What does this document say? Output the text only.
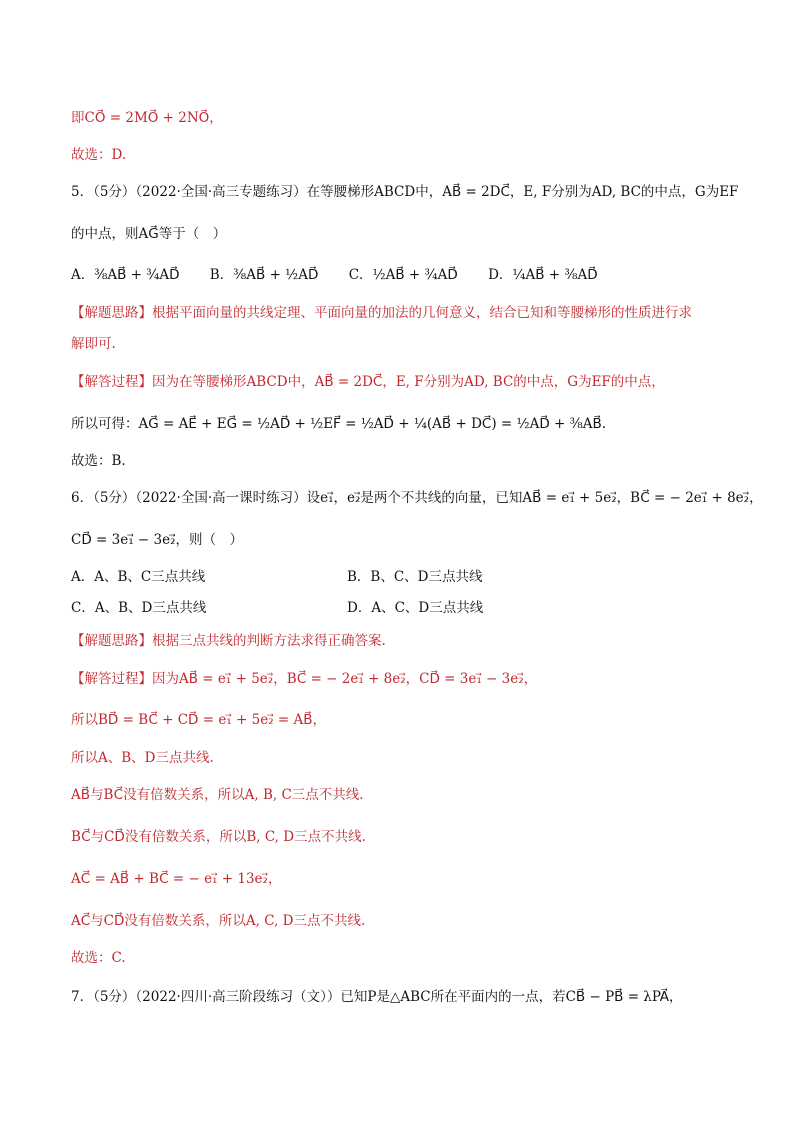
即CO⃗ = 2MO⃗ + 2NO⃗，
故选：D.
5．（5分）（2022·全国·高三专题练习）在等腰梯形ABCD中，AB⃗ = 2DC⃗，E, F分别为AD, BC的中点，G为EF
的中点，则AG⃗等于（　）
A．⅜AB⃗ + ¾AD⃗ B．⅜AB⃗ + ½AD⃗ C．½AB⃗ + ¾AD⃗ D．¼AB⃗ + ⅜AD⃗
【解题思路】根据平面向量的共线定理、平面向量的加法的几何意义，结合已知和等腰梯形的性质进行求
解即可.
【解答过程】因为在等腰梯形ABCD中，AB⃗ = 2DC⃗，E, F分别为AD, BC的中点，G为EF的中点，
所以可得：AG⃗ = AE⃗ + EG⃗ = ½AD⃗ + ½EF⃗ = ½AD⃗ + ¼(AB⃗ + DC⃗) = ½AD⃗ + ⅜AB⃗.
故选：B.
6．（5分）（2022·全国·高一课时练习）设e₁⃗，e₂⃗是两个不共线的向量，已知AB⃗ = e₁⃗ + 5e₂⃗，BC⃗ = − 2e₁⃗ + 8e₂⃗，
CD⃗ = 3e₁⃗ − 3e₂⃗，则（　）
A．A、B、C三点共线	B．B、C、D三点共线
C．A、B、D三点共线	D．A、C、D三点共线
【解题思路】根据三点共线的判断方法求得正确答案.
【解答过程】因为AB⃗ = e₁⃗ + 5e₂⃗，BC⃗ = − 2e₁⃗ + 8e₂⃗，CD⃗ = 3e₁⃗ − 3e₂⃗，
所以BD⃗ = BC⃗ + CD⃗ = e₁⃗ + 5e₂⃗ = AB⃗，
所以A、B、D三点共线.
AB⃗与BC⃗没有倍数关系，所以A, B, C三点不共线.
BC⃗与CD⃗没有倍数关系，所以B, C, D三点不共线.
AC⃗ = AB⃗ + BC⃗ = − e₁⃗ + 13e₂⃗，
AC⃗与CD⃗没有倍数关系，所以A, C, D三点不共线.
故选：C.
7．（5分）（2022·四川·高三阶段练习（文））已知P是△ABC所在平面内的一点，若CB⃗ − PB⃗ = λPA⃗，
